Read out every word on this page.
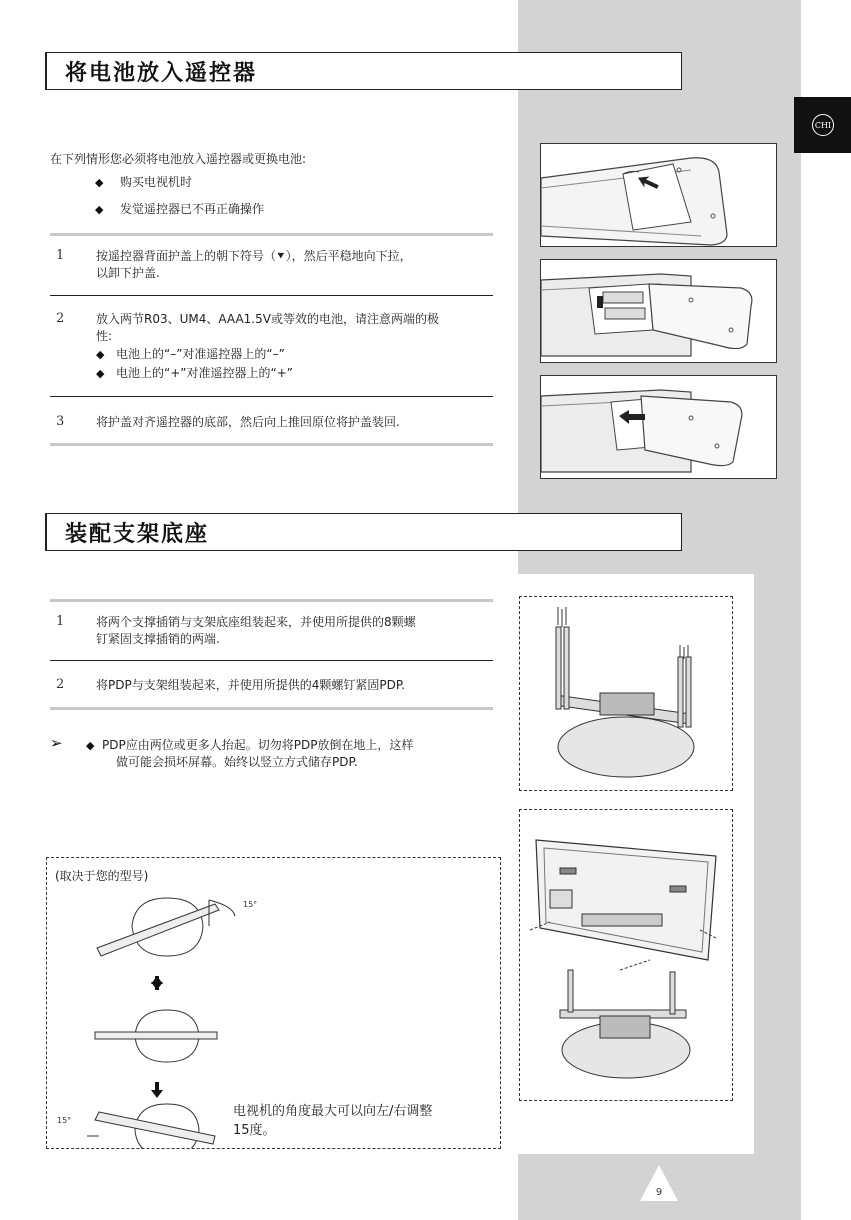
CHI
将电池放入遥控器
在下列情形您必须将电池放入遥控器或更换电池:
◆ 购买电视机时
◆ 发觉遥控器已不再正确操作
1	按遥控器背面护盖上的朝下符号（⯆），然后平稳地向下拉，
以卸下护盖.
2	放入两节R03、UM4、AAA1.5V或等效的电池，请注意两端的极
性:
◆ 电池上的“–”对准遥控器上的“–”
◆ 电池上的“+”对准遥控器上的“+”
3	将护盖对齐遥控器的底部，然后向上推回原位将护盖装回.
装配支架底座
1	将两个支撑插销与支架底座组装起来，并使用所提供的8颗螺
钉紧固支撑插销的两端.
2	将PDP与支架组装起来，并使用所提供的4颗螺钉紧固PDP.
➢ ◆ PDP应由两位或更多人抬起。切勿将PDP放倒在地上，这样
做可能会损坏屏幕。始终以竖立方式储存PDP.
(取决于您的型号)
15°
15°
电视机的角度最大可以向左/右调整
15度。
9
